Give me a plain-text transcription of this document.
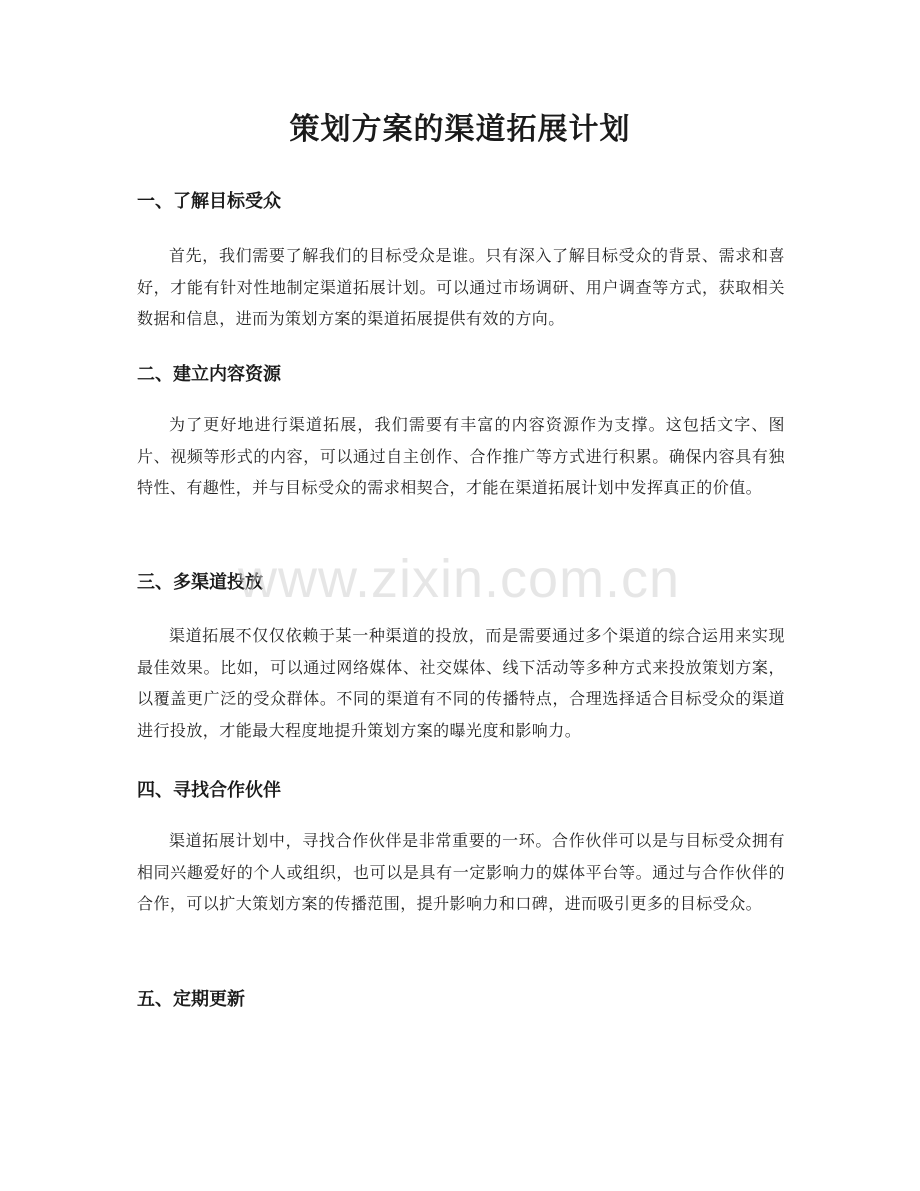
策划方案的渠道拓展计划
一、了解目标受众

首先，我们需要了解我们的目标受众是谁。只有深入了解目标受众的背景、需求和喜好，才能有针对性地制定渠道拓展计划。可以通过市场调研、用户调查等方式，获取相关数据和信息，进而为策划方案的渠道拓展提供有效的方向。

二、建立内容资源

为了更好地进行渠道拓展，我们需要有丰富的内容资源作为支撑。这包括文字、图片、视频等形式的内容，可以通过自主创作、合作推广等方式进行积累。确保内容具有独特性、有趣性，并与目标受众的需求相契合，才能在渠道拓展计划中发挥真正的价值。

三、多渠道投放

渠道拓展不仅仅依赖于某一种渠道的投放，而是需要通过多个渠道的综合运用来实现最佳效果。比如，可以通过网络媒体、社交媒体、线下活动等多种方式来投放策划方案，以覆盖更广泛的受众群体。不同的渠道有不同的传播特点，合理选择适合目标受众的渠道进行投放，才能最大程度地提升策划方案的曝光度和影响力。

四、寻找合作伙伴

渠道拓展计划中，寻找合作伙伴是非常重要的一环。合作伙伴可以是与目标受众拥有相同兴趣爱好的个人或组织，也可以是具有一定影响力的媒体平台等。通过与合作伙伴的合作，可以扩大策划方案的传播范围，提升影响力和口碑，进而吸引更多的目标受众。

五、定期更新
www.zixin.com.cn
